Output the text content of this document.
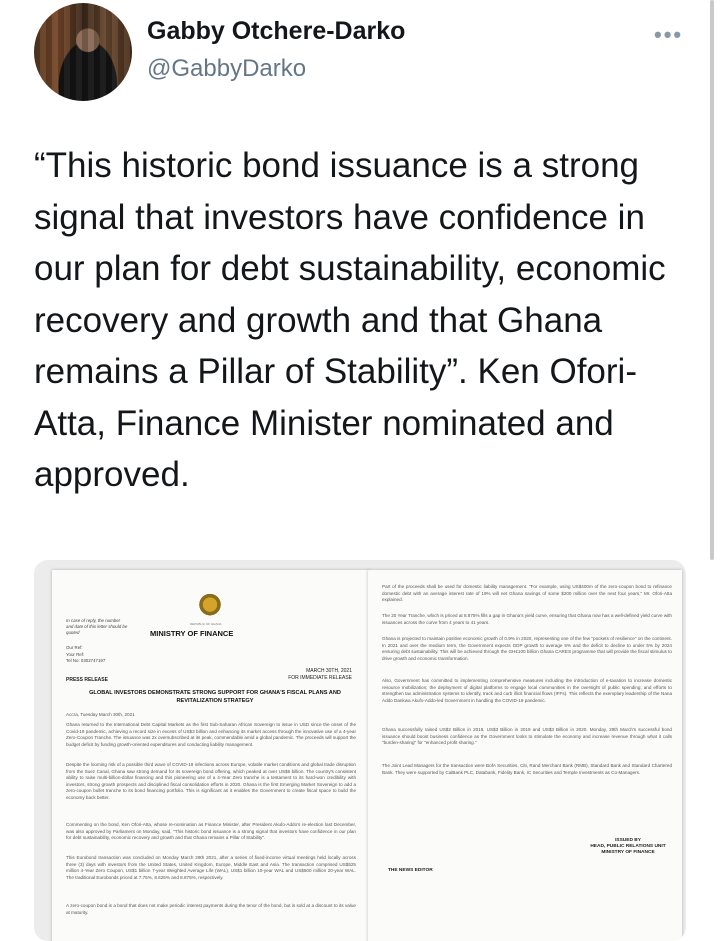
Gabby Otchere-Darko
@GabbyDarko
•••

“This historic bond issuance is a strong signal that investors have confidence in our plan for debt sustainability, economic recovery and growth and that Ghana remains a Pillar of Stability”. Ken Ofori-Atta, Finance Minister nominated and approved.

REPUBLIC OF GHANA
In case of reply, the number and date of this letter should be quoted	MINISTRY OF FINANCE
Our Ref:
Your Ref:
Tel No: 0302747197
MARCH 30TH, 2021
FOR IMMEDIATE RELEASE
PRESS RELEASE
GLOBAL INVESTORS DEMONSTRATE STRONG SUPPORT FOR GHANA'S FISCAL PLANS AND REVITALIZATION STRATEGY
Accra, Tuesday March 30th, 2021
Ghana returned to the International Debt Capital Markets as the first Sub-Saharan African Sovereign to issue in USD since the onset of the Covid-19 pandemic, achieving a record size in excess of US$3 billion and enhancing its market access through the innovative use of a 4-year Zero-Coupon Tranche. The issuance was 2x oversubscribed at its peak, commendable amid a global pandemic. The proceeds will support the budget deficit by funding growth-oriented expenditures and conducting liability management.
Despite the looming risk of a possible third wave of COVID-19 infections across Europe, volatile market conditions and global trade disruption from the Suez Canal, Ghana saw strong demand for its sovereign bond offering, which peaked at over US$6 billion. The country's consistent ability to raise multi-billion-dollar financing and this pioneering use of a 4-Year Zero tranche is a testament to its hard-won credibility with investors, strong growth prospects and disciplined fiscal consolidation efforts in 2020. Ghana is the first Emerging Market Sovereign to add a zero-coupon bullet tranche to its bond financing portfolio. This is significant as it enables the Government to create fiscal space to build the economy back better.
Commenting on the bond, Ken Ofori-Atta, whose re-nomination as Finance Minister, after President Akufo-Addo's re-election last December, was also approved by Parliament on Monday, said, "This historic bond issuance is a strong signal that investors have confidence in our plan for debt sustainability, economic recovery and growth and that Ghana remains a Pillar of Stability".
This Eurobond transaction was concluded on Monday March 29th 2021, after a series of fixed-income virtual meetings held locally across three (3) days with investors from the United States, United Kingdom, Europe, Middle East and Asia. The transaction comprised US$525 million 4-Year Zero Coupon, US$1 billion 7-year Weighted Average Life (WAL), US$1 billion 10-year WAL and US$500 million 20-year WAL. The traditional Eurobonds priced at 7.75%, 8.625% and 8.875%, respectively.
A zero-coupon bond is a bond that does not make periodic interest payments during the tenor of the bond, but is sold at a discount to its value at maturity.
Part of the proceeds shall be used for domestic liability management. "For example, using US$400m of the zero-coupon bond to refinance domestic debt with an average interest rate of 19% will net Ghana savings of some $200 million over the next four years," Mr. Ofori-Atta explained.
The 20 Year Tranche, which is priced at 8.875% fills a gap in Ghana's yield curve, ensuring that Ghana now has a well-defined yield curve with issuances across the curve from 4 years to 41 years.
Ghana is projected to maintain positive economic growth of 0.9% in 2020, representing one of the few "pockets of resilience" on the continent. In 2021 and over the medium term, the Government expects GDP growth to average 5% and the deficit to decline to under 5% by 2024 ensuring debt sustainability. This will be achieved through the GH¢100 billion Ghana CARES programme that will provide the fiscal stimulus to drive growth and economic transformation.
Also, Government has committed to implementing comprehensive measures including the introduction of e-taxation to increase domestic resource mobilization; the deployment of digital platforms to engage local communities in the oversight of public spending; and efforts to strengthen tax administration systems to identify, track and curb illicit financial flows (IFFs). This reflects the exemplary leadership of the Nana Addo Dankwa Akufo-Addo-led Government in handling the COVID-19 pandemic.
Ghana successfully raised US$2 Billion in 2018, US$3 Billion in 2019 and US$3 Billion in 2020. Monday, 29th March's successful bond issuance should boost business confidence as the Government looks to stimulate the economy and increase revenue through what it calls "burden-sharing" for "enhanced profit sharing."
The Joint Lead Managers for the transaction were BofA Securities, Citi, Rand Merchant Bank (RMB), Standard Bank and Standard Chartered Bank. They were supported by CalBank PLC, Databank, Fidelity Bank, IC Securities and Temple Investments as Co-Managers.
ISSUED BY
HEAD, PUBLIC RELATIONS UNIT
MINISTRY OF FINANCE
THE NEWS EDITOR
